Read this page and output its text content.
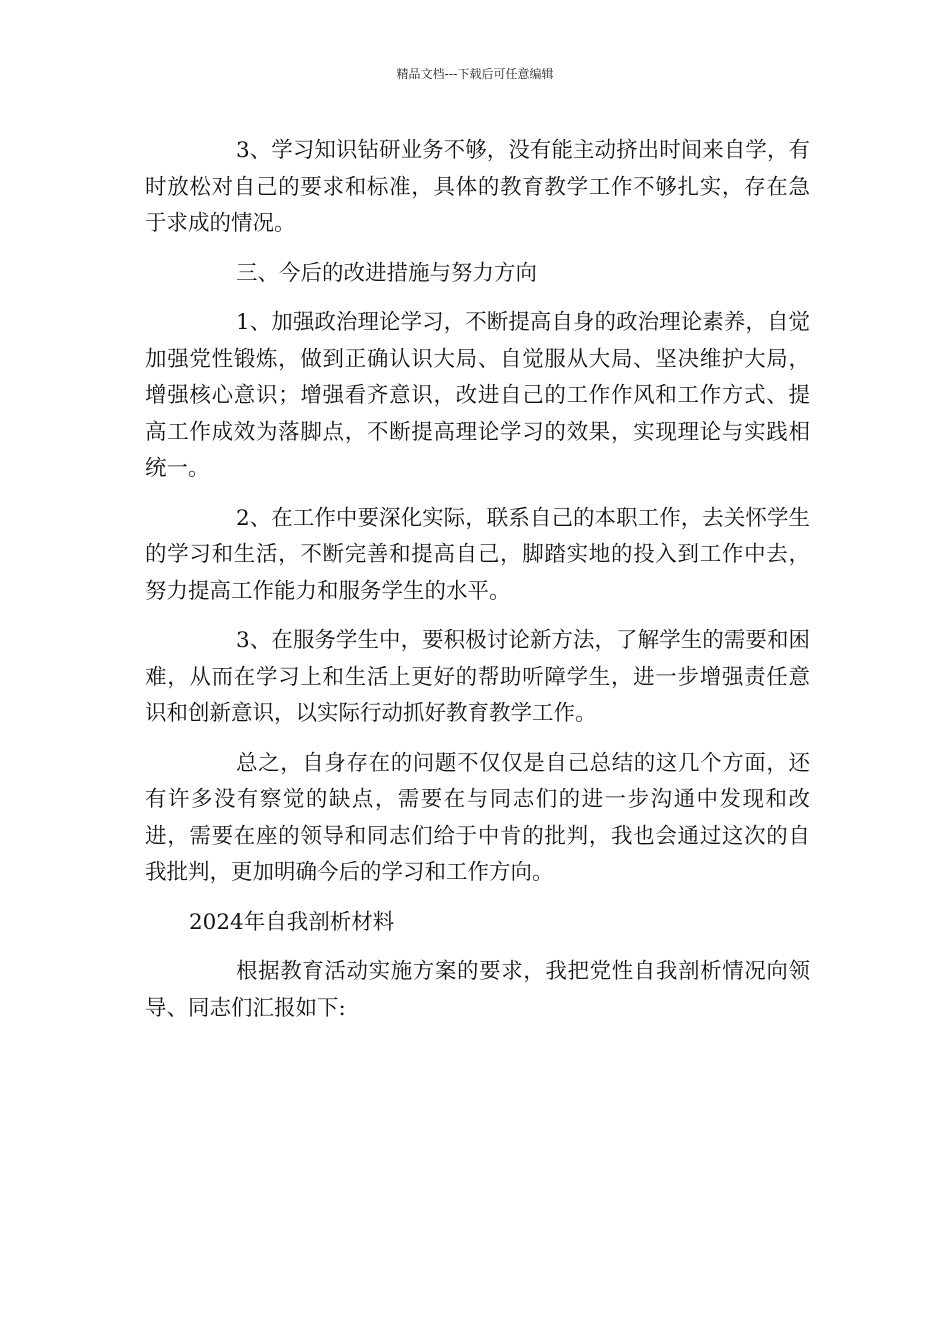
精品文档---下载后可任意编辑

3、学习知识钻研业务不够，没有能主动挤出时间来自学，有时放松对自己的要求和标准，具体的教育教学工作不够扎实，存在急于求成的情况。

三、今后的改进措施与努力方向

1、加强政治理论学习，不断提高自身的政治理论素养，自觉加强党性锻炼，做到正确认识大局、自觉服从大局、坚决维护大局，增强核心意识；增强看齐意识，改进自己的工作作风和工作方式、提高工作成效为落脚点，不断提高理论学习的效果，实现理论与实践相统一。

2、在工作中要深化实际，联系自己的本职工作，去关怀学生的学习和生活，不断完善和提高自己，脚踏实地的投入到工作中去，努力提高工作能力和服务学生的水平。

3、在服务学生中，要积极讨论新方法，了解学生的需要和困难，从而在学习上和生活上更好的帮助听障学生，进一步增强责任意识和创新意识，以实际行动抓好教育教学工作。

总之，自身存在的问题不仅仅是自己总结的这几个方面，还有许多没有察觉的缺点，需要在与同志们的进一步沟通中发现和改进，需要在座的领导和同志们给于中肯的批判，我也会通过这次的自我批判，更加明确今后的学习和工作方向。

2024年自我剖析材料

根据教育活动实施方案的要求，我把党性自我剖析情况向领导、同志们汇报如下:
